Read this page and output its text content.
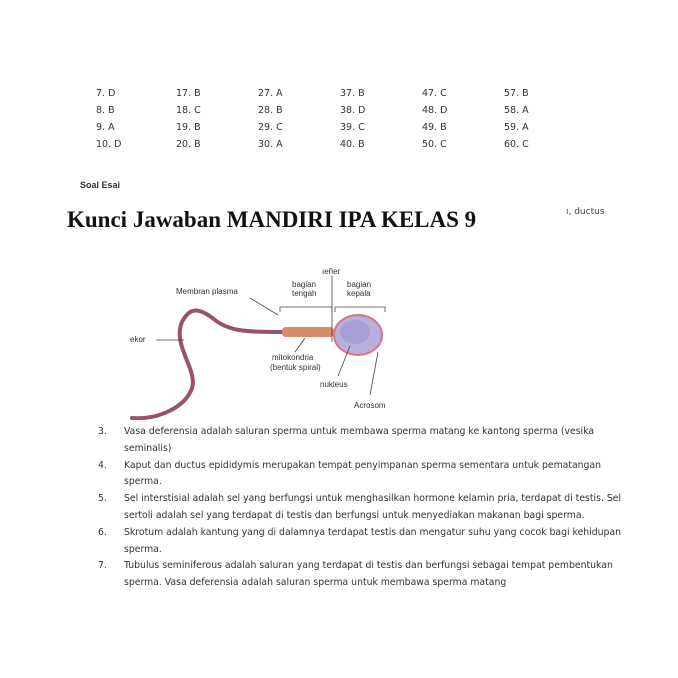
7. D	17. B	27. A	37. B	47. C	57. B
8. B	18. C	28. B	38. D	48. D	58. A
9. A	19. B	29. C	39. C	49. B	59. A
10. D	20. B	30. A	40. B	50. C	60. C
Soal Esai
Kunci Jawaban MANDIRI IPA KELAS 9	ı, ductus
ıeñer
Membran plasma
bagian
tengah
bagian
kepala
ekor
mitokondria
(bentuk spiral)
nukleus
Acrosom
3.	Vasa deferensia adalah saluran sperma untuk membawa sperma matang ke kantong sperma (vesika seminalis)
4.	Kaput dan ductus epididymis merupakan tempat penyimpanan sperma sementara untuk pematangan sperma.
5.	Sel interstisial adalah sel yang berfungsi untuk menghasilkan hormone kelamin pria, terdapat di testis. Sel sertoli adalah sel yang terdapat di testis dan berfungsi untuk menyediakan makanan bagi sperma.
6.	Skrotum adalah kantung yang di dalamnya terdapat testis dan mengatur suhu yang cocok bagi kehidupan sperma.
7.	Tubulus seminiferous adalah saluran yang terdapat di testis dan berfungsi sebagai tempat pembentukan sperma. Vasa deferensia adalah saluran sperma untuk membawa sperma matang
